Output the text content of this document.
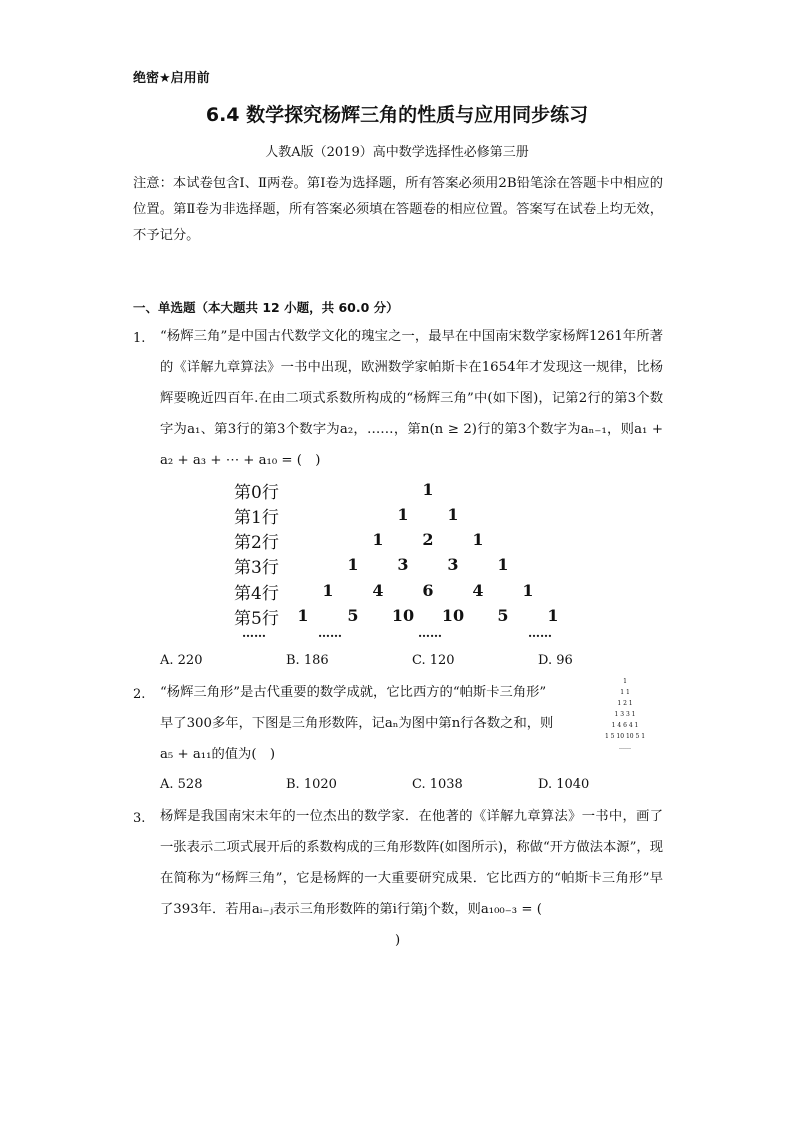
绝密★启用前
6.4 数学探究杨辉三角的性质与应用同步练习
人教A版（2019）高中数学选择性必修第三册
注意：本试卷包含Ⅰ、Ⅱ两卷。第Ⅰ卷为选择题，所有答案必须用2B铅笔涂在答题卡中相应的位置。第Ⅱ卷为非选择题，所有答案必须填在答题卷的相应位置。答案写在试卷上均无效，不予记分。
一、单选题（本大题共 12 小题，共 60.0 分）
1. “杨辉三角”是中国古代数学文化的瑰宝之一，最早在中国南宋数学家杨辉1261年所著的《详解九章算法》一书中出现，欧洲数学家帕斯卡在1654年才发现这一规律，比杨辉要晚近四百年.在由二项式系数所构成的“杨辉三角”中(如下图)，记第2行的第3个数字为a₁、第3行的第3个数字为a₂，……，第n(n ≥ 2)行的第3个数字为aₙ₋₁，则a₁ + a₂ + a₃ + ⋯ + a₁₀ = (　)
第0行
第1行
第2行
第3行
第4行
第5行
1
1	1
1	2	1
1	3	3	1
1	4	6	4	1
1	5	10 10	5	1
……	……	……	……
A. 220	B. 186	C. 120	D. 96
2. “杨辉三角形”是古代重要的数学成就，它比西方的“帕斯卡三角形”
早了300多年，下图是三角形数阵，记aₙ为图中第n行各数之和，则
a₅ + a₁₁的值为(　)
1
1 1
1 2 1
1 3 3 1
1 4 6 4 1
1 5 10 10 5 1
……
A. 528	B. 1020	C. 1038	D. 1040
3. 杨辉是我国南宋末年的一位杰出的数学家．在他著的《详解九章算法》一书中，画了一张表示二项式展开后的系数构成的三角形数阵(如图所示)，称做“开方做法本源”，现在简称为“杨辉三角”，它是杨辉的一大重要研究成果．它比西方的“帕斯卡三角形”早了393年．若用aᵢ₋ⱼ表示三角形数阵的第i行第j个数，则a₁₀₀₋₃ = (
)
